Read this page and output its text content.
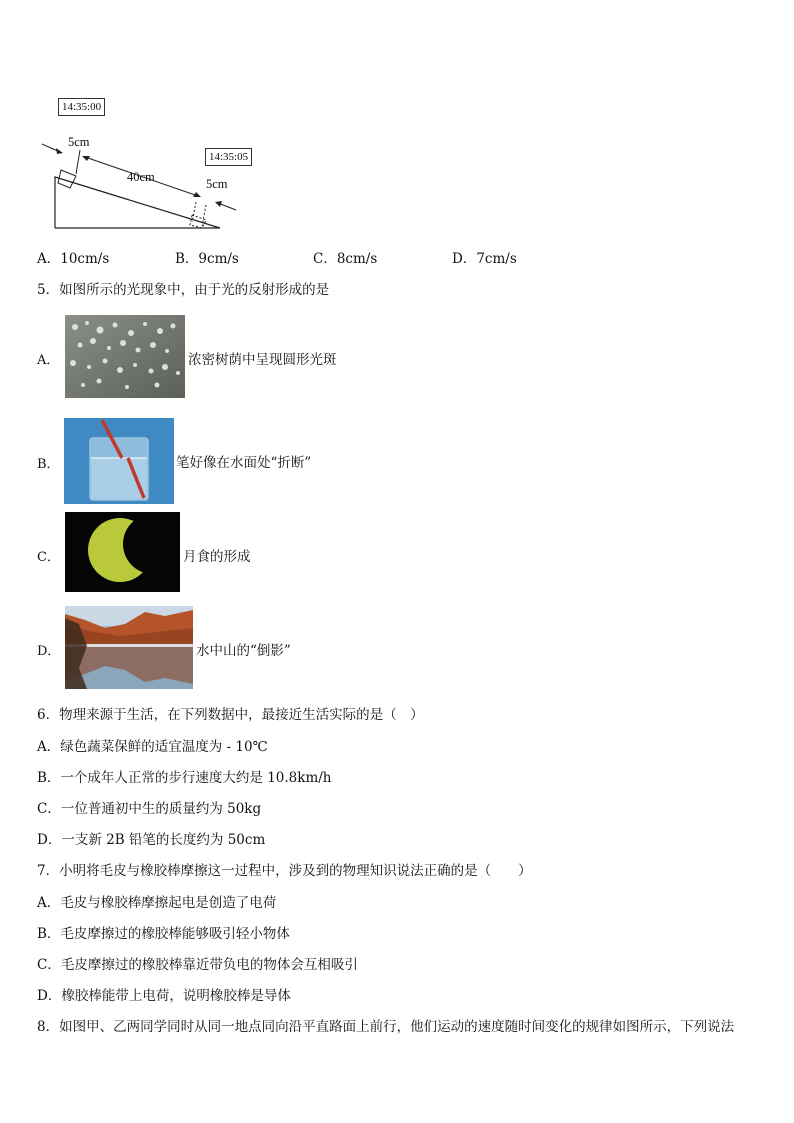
14:35:00
14:35:05
5cm
40cm	5cm
A．10cm/s	B．9cm/s	C．8cm/s	D．7cm/s
5．如图所示的光现象中，由于光的反射形成的是
A．	浓密树荫中呈现圆形光斑
B．	笔好像在水面处“折断”
C．	月食的形成
D．	水中山的“倒影”
6．物理来源于生活，在下列数据中，最接近生活实际的是（　）
A．绿色蔬菜保鲜的适宜温度为 - 10℃
B．一个成年人正常的步行速度大约是 10.8km/h
C．一位普通初中生的质量约为 50kg
D．一支新 2B 铅笔的长度约为 50cm
7．小明将毛皮与橡胶棒摩擦这一过程中，涉及到的物理知识说法正确的是（　　）
A．毛皮与橡胶棒摩擦起电是创造了电荷
B．毛皮摩擦过的橡胶棒能够吸引轻小物体
C．毛皮摩擦过的橡胶棒靠近带负电的物体会互相吸引
D．橡胶棒能带上电荷，说明橡胶棒是导体
8．如图甲、乙两同学同时从同一地点同向沿平直路面上前行，他们运动的速度随时间变化的规律如图所示，下列说法
